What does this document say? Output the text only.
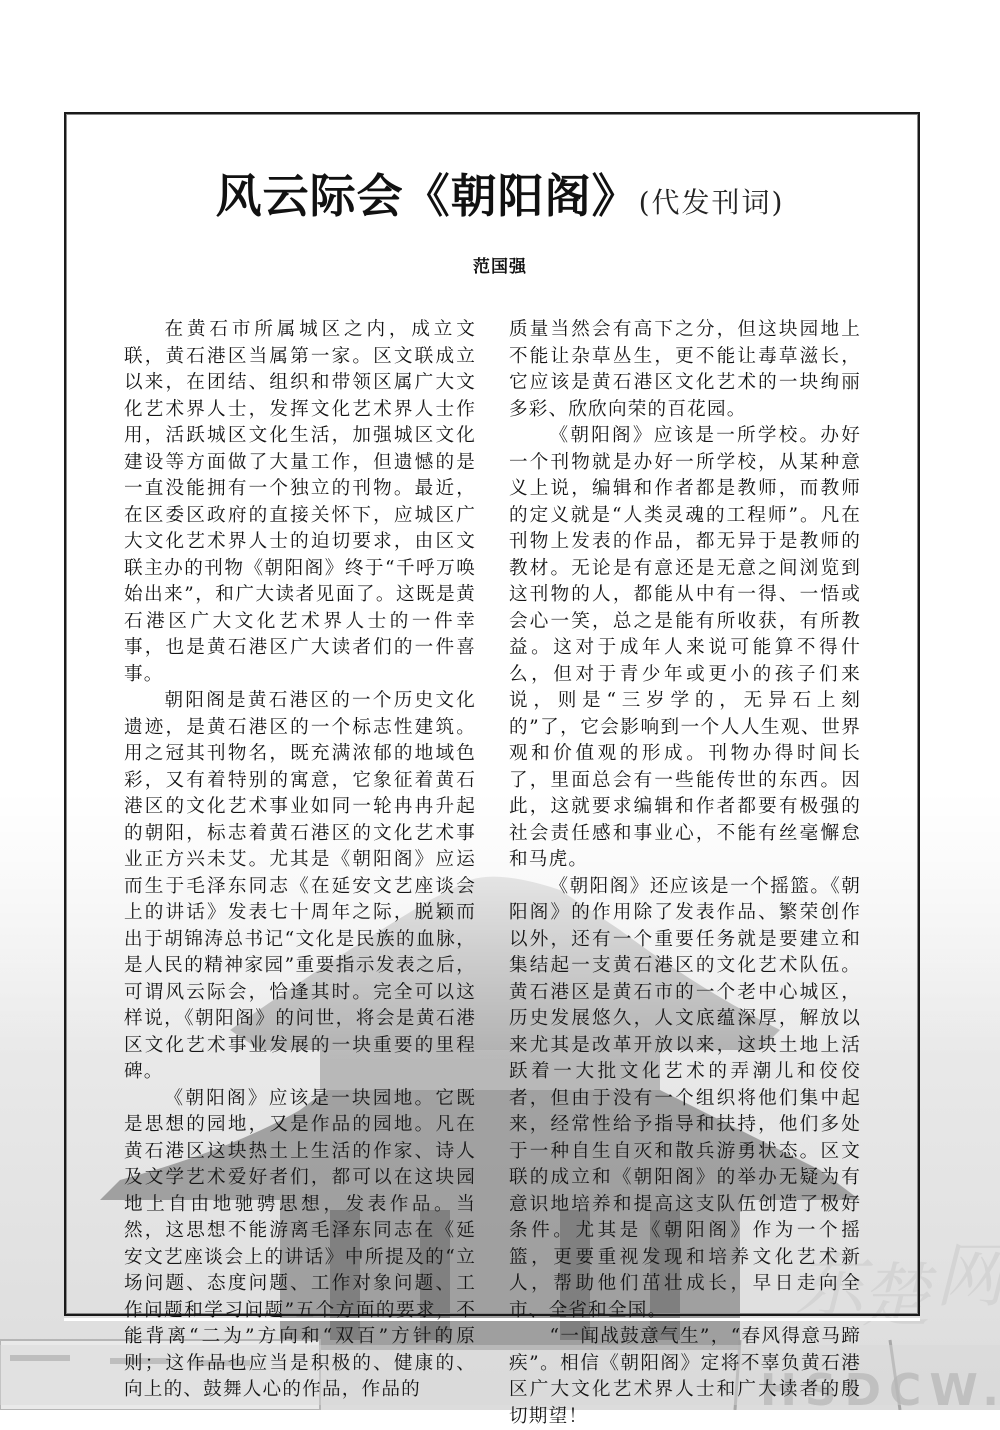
风云际会《朝阳阁》(代发刊词)
范国强

在黄石市所属城区之内，成立文联，黄石港区当属第一家。区文联成立以来，在团结、组织和带领区属广大文化艺术界人士，发挥文化艺术界人士作用，活跃城区文化生活，加强城区文化建设等方面做了大量工作，但遗憾的是一直没能拥有一个独立的刊物。最近，在区委区政府的直接关怀下，应城区广大文化艺术界人士的迫切要求，由区文联主办的刊物《朝阳阁》终于“千呼万唤始出来”，和广大读者见面了。这既是黄石港区广大文化艺术界人士的一件幸事，也是黄石港区广大读者们的一件喜事。

朝阳阁是黄石港区的一个历史文化遗迹，是黄石港区的一个标志性建筑。用之冠其刊物名，既充满浓郁的地域色彩，又有着特别的寓意，它象征着黄石港区的文化艺术事业如同一轮冉冉升起的朝阳，标志着黄石港区的文化艺术事业正方兴未艾。尤其是《朝阳阁》应运而生于毛泽东同志《在延安文艺座谈会上的讲话》发表七十周年之际，脱颖而出于胡锦涛总书记“文化是民族的血脉，是人民的精神家园”重要指示发表之后，可谓风云际会，恰逢其时。完全可以这样说，《朝阳阁》的问世，将会是黄石港区文化艺术事业发展的一块重要的里程碑。

《朝阳阁》应该是一块园地。它既是思想的园地，又是作品的园地。凡在黄石港区这块热土上生活的作家、诗人及文学艺术爱好者们，都可以在这块园地上自由地驰骋思想，发表作品。当然，这思想不能游离毛泽东同志在《延安文艺座谈会上的讲话》中所提及的“立场问题、态度问题、工作对象问题、工作问题和学习问题”五个方面的要求，不能背离“二为”方向和“双百”方针的原则；这作品也应当是积极的、健康的、向上的、鼓舞人心的作品，作品的

质量当然会有高下之分，但这块园地上不能让杂草丛生，更不能让毒草滋长，它应该是黄石港区文化艺术的一块绚丽多彩、欣欣向荣的百花园。

《朝阳阁》应该是一所学校。办好一个刊物就是办好一所学校，从某种意义上说，编辑和作者都是教师，而教师的定义就是“人类灵魂的工程师”。凡在刊物上发表的作品，都无异于是教师的教材。无论是有意还是无意之间浏览到这刊物的人，都能从中有一得、一悟或会心一笑，总之是能有所收获，有所教益。这对于成年人来说可能算不得什么，但对于青少年或更小的孩子们来说，则是“三岁学的，无异石上刻的”了，它会影响到一个人人生观、世界观和价值观的形成。刊物办得时间长了，里面总会有一些能传世的东西。因此，这就要求编辑和作者都要有极强的社会责任感和事业心，不能有丝毫懈怠和马虎。

《朝阳阁》还应该是一个摇篮。《朝阳阁》的作用除了发表作品、繁荣创作以外，还有一个重要任务就是要建立和集结起一支黄石港区的文化艺术队伍。黄石港区是黄石市的一个老中心城区，历史发展悠久，人文底蕴深厚，解放以来尤其是改革开放以来，这块土地上活跃着一大批文化艺术的弄潮儿和佼佼者，但由于没有一个组织将他们集中起来，经常性给予指导和扶持，他们多处于一种自生自灭和散兵游勇状态。区文联的成立和《朝阳阁》的举办无疑为有意识地培养和提高这支队伍创造了极好条件。尤其是《朝阳阁》作为一个摇篮，更要重视发现和培养文化艺术新人，帮助他们茁壮成长，早日走向全市、全省和全国。

“一闻战鼓意气生”，“春风得意马蹄疾”。相信《朝阳阁》定将不辜负黄石港区广大文化艺术界人士和广大读者的殷切期望！
